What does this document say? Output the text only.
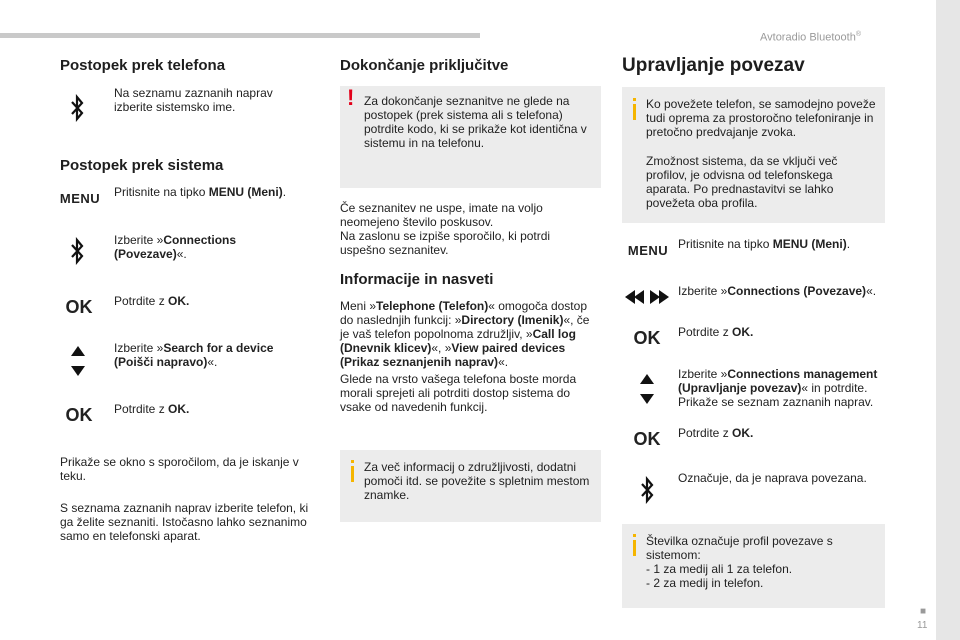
Avtoradio Bluetooth®
■
11
Postopek prek telefona
Na seznamu zaznanih naprav izberite sistemsko ime.
Postopek prek sistema
MENU Pritisnite na tipko MENU (Meni).
Izberite »Connections (Povezave)«.
OK Potrdite z OK.
Izberite »Search for a device (Poišči napravo)«.
OK Potrdite z OK.
Prikaže se okno s sporočilom, da je iskanje v teku.
S seznama zaznanih naprav izberite telefon, ki ga želite seznaniti. Istočasno lahko seznanimo samo en telefonski aparat.
Dokončanje priključitve
! Za dokončanje seznanitve ne glede na postopek (prek sistema ali s telefona) potrdite kodo, ki se prikaže kot identična v sistemu in na telefonu.
Če seznanitev ne uspe, imate na voljo neomejeno število poskusov.
Na zaslonu se izpiše sporočilo, ki potrdi uspešno seznanitev.
Informacije in nasveti
Meni »Telephone (Telefon)« omogoča dostop do naslednjih funkcij: »Directory (Imenik)«, če je vaš telefon popolnoma združljiv, »Call log (Dnevnik klicev)«, »View paired devices (Prikaz seznanjenih naprav)«.
Glede na vrsto vašega telefona boste morda morali sprejeti ali potrditi dostop sistema do vsake od navedenih funkcij.
Za več informacij o združljivosti, dodatni pomoči itd. se povežite s spletnim mestom znamke.
Upravljanje povezav
Ko povežete telefon, se samodejno poveže tudi oprema za prostoročno telefoniranje in pretočno predvajanje zvoka.
Zmožnost sistema, da se vključi več profilov, je odvisna od telefonskega aparata. Po prednastavitvi se lahko povežeta oba profila.
MENU Pritisnite na tipko MENU (Meni).
Izberite »Connections (Povezave)«.
OK Potrdite z OK.
Izberite »Connections management (Upravljanje povezav)« in potrdite. Prikaže se seznam zaznanih naprav.
OK Potrdite z OK.
Označuje, da je naprava povezana.
Številka označuje profil povezave s sistemom:
- 1 za medij ali 1 za telefon.
- 2 za medij in telefon.
